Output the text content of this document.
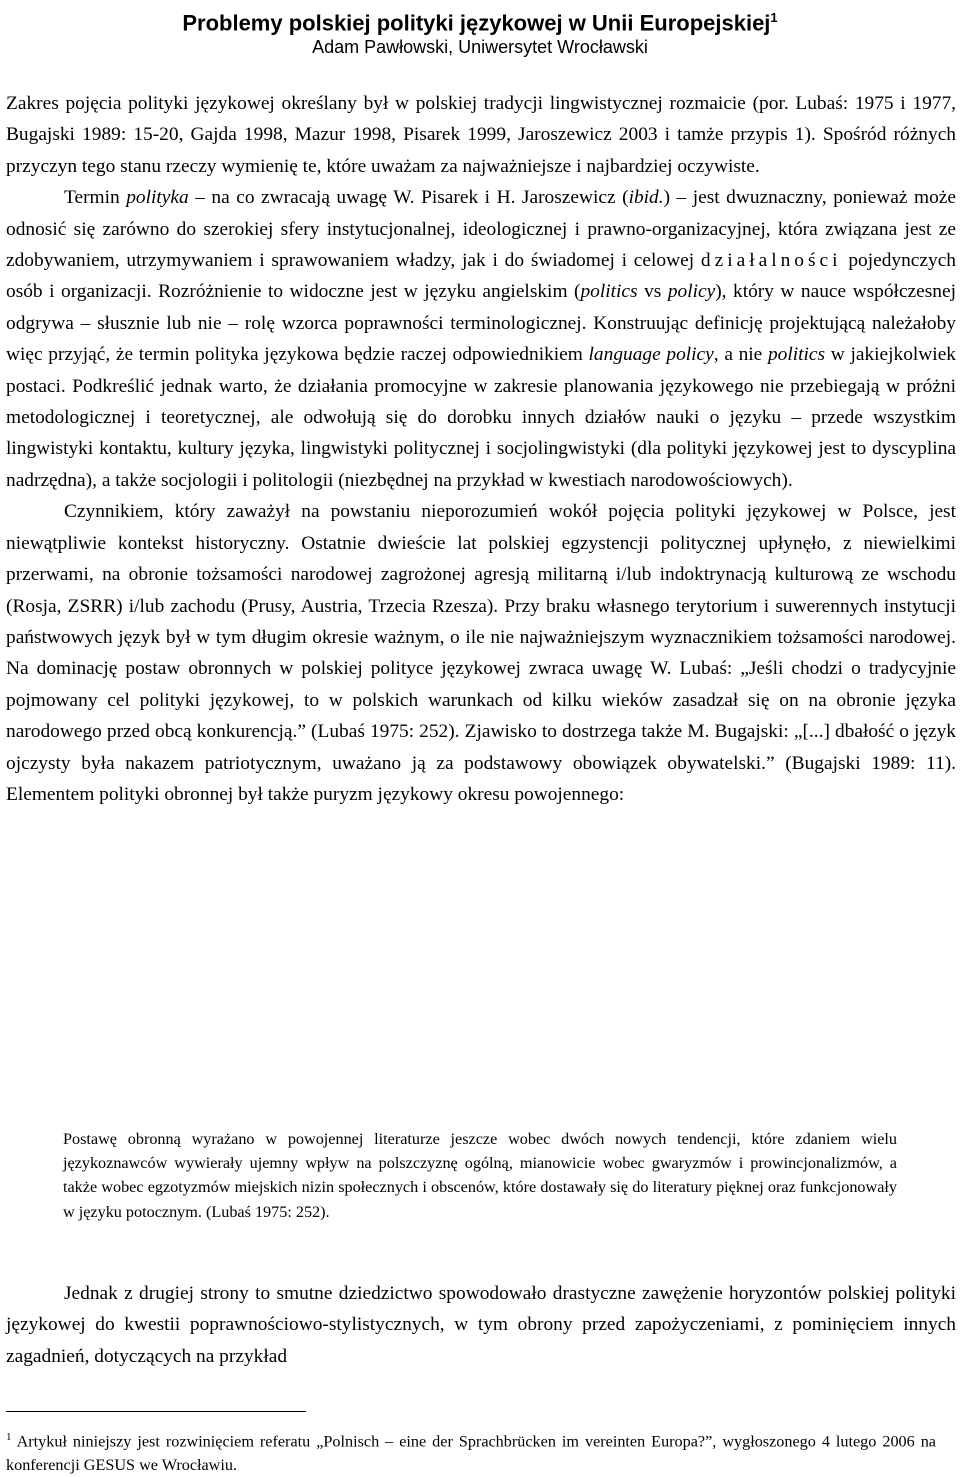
Problemy polskiej polityki językowej w Unii Europejskiej$^1$

Adam Pawłowski, Uniwersytet Wrocławski

Zakres pojęcia polityki językowej określany był w polskiej tradycji lingwistycznej rozmaicie (por. Lubaś: 1975 i 1977, Bugajski 1989: 15-20, Gajda 1998, Mazur 1998, Pisarek 1999, Jaroszewicz 2003 i tamże przypis 1). Spośród różnych przyczyn tego stanu rzeczy wymienię te, które uważam za najważniejsze i najbardziej oczywiste.

Termin polityka – na co zwracają uwagę W. Pisarek i H. Jaroszewicz (ibid.) – jest dwuznaczny, ponieważ może odnosić się zarówno do szerokiej sfery instytucjonalnej, ideologicznej i prawno-organizacyjnej, która związana jest ze zdobywaniem, utrzymywaniem i sprawowaniem władzy, jak i do świadomej i celowej działalności pojedynczych osób i organizacji. Rozróżnienie to widoczne jest w języku angielskim (politics vs policy), który w nauce współczesnej odgrywa – słusznie lub nie – rolę wzorca poprawności terminologicznej. Konstruując definicję projektującą należałoby więc przyjąć, że termin polityka językowa będzie raczej odpowiednikiem language policy, a nie politics w jakiejkolwiek postaci. Podkreślić jednak warto, że działania promocyjne w zakresie planowania językowego nie przebiegają w próżni metodologicznej i teoretycznej, ale odwołują się do dorobku innych działów nauki o języku – przede wszystkim lingwistyki kontaktu, kultury języka, lingwistyki politycznej i socjolingwistyki (dla polityki językowej jest to dyscyplina nadrzędna), a także socjologii i politologii (niezbędnej na przykład w kwestiach narodowościowych).

Czynnikiem, który zaważył na powstaniu nieporozumień wokół pojęcia polityki językowej w Polsce, jest niewątpliwie kontekst historyczny. Ostatnie dwieście lat polskiej egzystencji politycznej upłynęło, z niewielkimi przerwami, na obronie tożsamości narodowej zagrożonej agresją militarną i/lub indoktrynacją kulturową ze wschodu (Rosja, ZSRR) i/lub zachodu (Prusy, Austria, Trzecia Rzesza). Przy braku własnego terytorium i suwerennych instytucji państwowych język był w tym długim okresie ważnym, o ile nie najważniejszym wyznacznikiem tożsamości narodowej. Na dominację postaw obronnych w polskiej polityce językowej zwraca uwagę W. Lubaś: „Jeśli chodzi o tradycyjnie pojmowany cel polityki językowej, to w polskich warunkach od kilku wieków zasadzał się on na obronie języka narodowego przed obcą konkurencją.” (Lubaś 1975: 252). Zjawisko to dostrzega także M. Bugajski: „[...] dbałość o język ojczysty była nakazem patriotycznym, uważano ją za podstawowy obowiązek obywatelski.” (Bugajski 1989: 11). Elementem polityki obronnej był także puryzm językowy okresu powojennego:

Postawę obronną wyrażano w powojennej literaturze jeszcze wobec dwóch nowych tendencji, które zdaniem wielu językoznawców wywierały ujemny wpływ na polszczyznę ogólną, mianowicie wobec gwaryzmów i prowincjonalizmów, a także wobec egzotyzmów miejskich nizin społecznych i obscenów, które dostawały się do literatury pięknej oraz funkcjonowały w języku potocznym. (Lubaś 1975: 252).

Jednak z drugiej strony to smutne dziedzictwo spowodowało drastyczne zawężenie horyzontów polskiej polityki językowej do kwestii poprawnościowo-stylistycznych, w tym obrony przed zapożyczeniami, z pominięciem innych zagadnień, dotyczących na przykład

$^1$ Artykuł niniejszy jest rozwinięciem referatu „Polnisch – eine der Sprachbrücken im vereinten Europa?”, wygłoszonego 4 lutego 2006 na konferencji GESUS we Wrocławiu.
